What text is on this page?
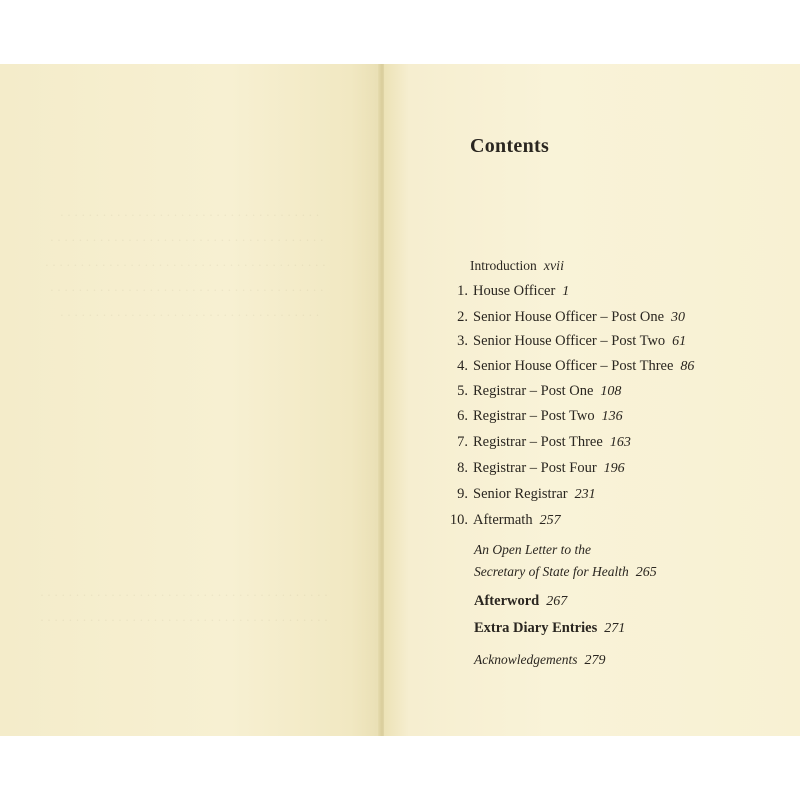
. . . . . . . . . . . . . . . . . . . . . . . . . . . . . . . . . . . . .
. . . . . . . . . . . . . . . . . . . . . . . . . . . . . . . . . . . . . . .
. . . . . . . . . . . . . . . . . . . . . . . . . . . . . . . . . . . . . . . .
. . . . . . . . . . . . . . . . . . . . . . . . . . . . . . . . . . . . . . .
. . . . . . . . . . . . . . . . . . . . . . . . . . . . . . . . . . . . .
. . . . . . . . . . . . . . . . . . . . . . . . . . . . . . . . . . . . . . . . .
. . . . . . . . . . . . . . . . . . . . . . . . . . . . . . . . . . . . . . . . .
Contents
Introduction xvii
1. House Officer 1
2. Senior House Officer – Post One 30
3. Senior House Officer – Post Two 61
4. Senior House Officer – Post Three 86
5. Registrar – Post One 108
6. Registrar – Post Two 136
7. Registrar – Post Three 163
8. Registrar – Post Four 196
9. Senior Registrar 231
10. Aftermath 257
An Open Letter to the
Secretary of State for Health 265
Afterword 267
Extra Diary Entries 271
Acknowledgements 279
